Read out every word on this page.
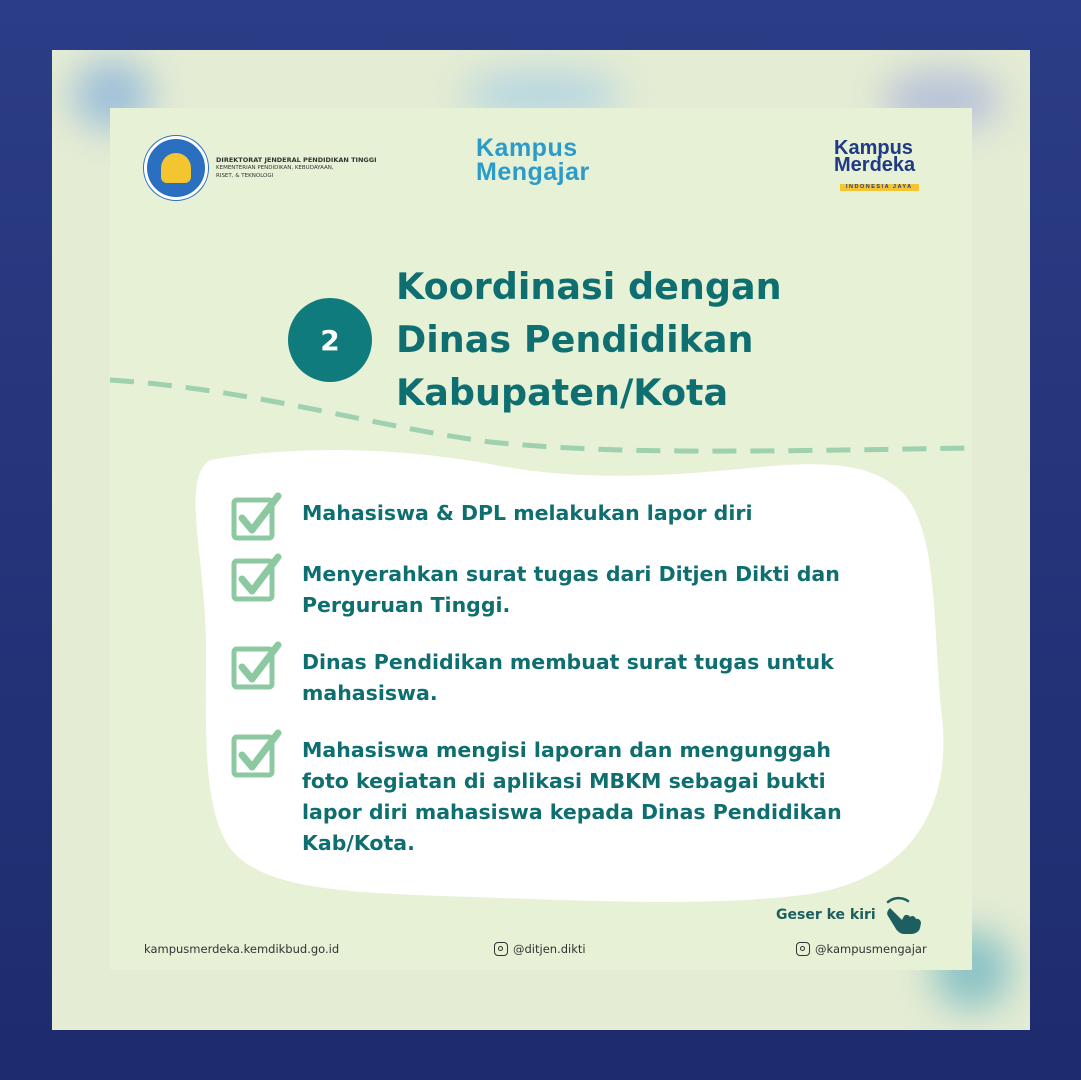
DIREKTORAT JENDERAL PENDIDIKAN TINGGI
KEMENTERIAN PENDIDIKAN, KEBUDAYAAN,
RISET, & TEKNOLOGI
Kampus
Mengajar
Kampus
Merdeka
INDONESIA JAYA
2
Koordinasi dengan
Dinas Pendidikan
Kabupaten/Kota
Mahasiswa & DPL melakukan lapor diri
Menyerahkan surat tugas dari Ditjen Dikti dan Perguruan Tinggi.
Dinas Pendidikan membuat surat tugas untuk mahasiswa.
Mahasiswa mengisi laporan dan mengunggah foto kegiatan di aplikasi MBKM sebagai bukti lapor diri mahasiswa kepada Dinas Pendidikan Kab/Kota.
Geser ke kiri
kampusmerdeka.kemdikbud.go.id	@ditjen.dikti	@kampusmengajar
